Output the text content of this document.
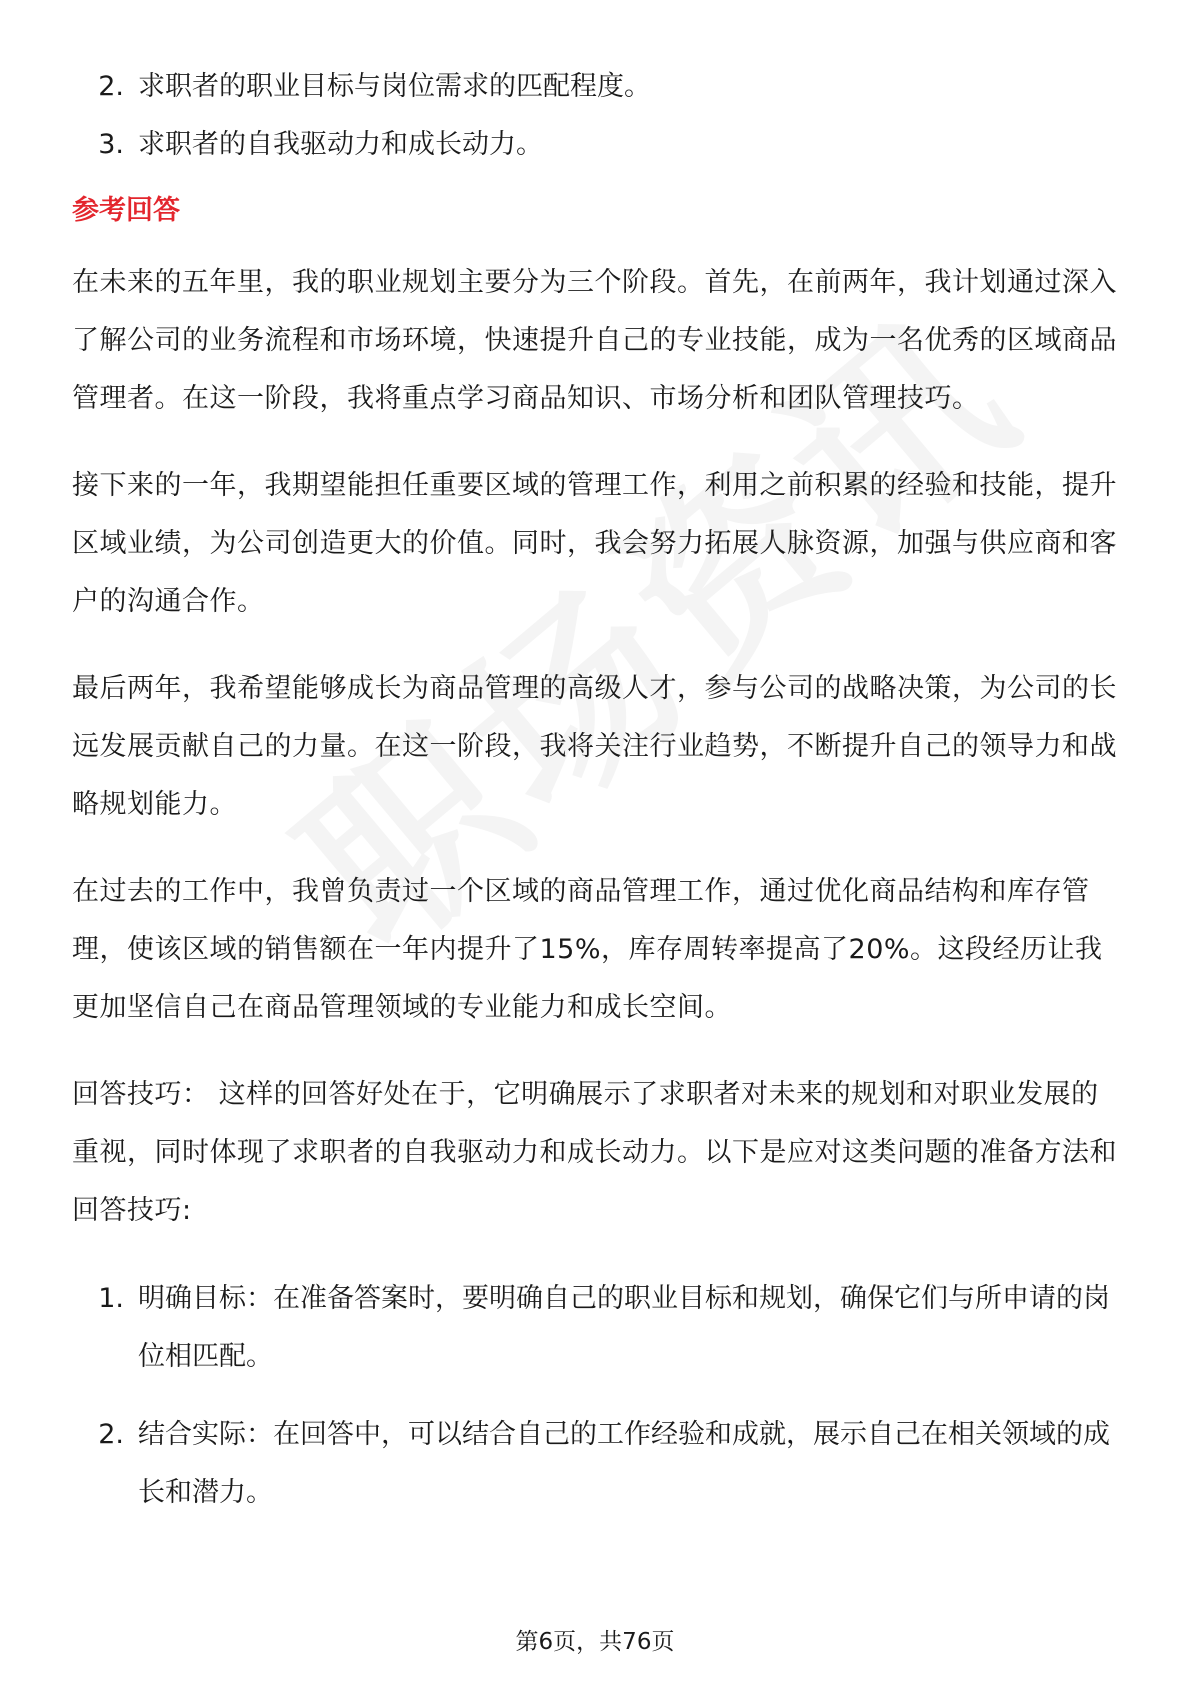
2. 求职者的职业目标与岗位需求的匹配程度。
3. 求职者的自我驱动力和成长动力。
参考回答
在未来的五年里，我的职业规划主要分为三个阶段。首先，在前两年，我计划通过深入了解公司的业务流程和市场环境，快速提升自己的专业技能，成为一名优秀的区域商品管理者。在这一阶段，我将重点学习商品知识、市场分析和团队管理技巧。
接下来的一年，我期望能担任重要区域的管理工作，利用之前积累的经验和技能，提升区域业绩，为公司创造更大的价值。同时，我会努力拓展人脉资源，加强与供应商和客户的沟通合作。
最后两年，我希望能够成长为商品管理的高级人才，参与公司的战略决策，为公司的长远发展贡献自己的力量。在这一阶段，我将关注行业趋势，不断提升自己的领导力和战略规划能力。
在过去的工作中，我曾负责过一个区域的商品管理工作，通过优化商品结构和库存管理，使该区域的销售额在一年内提升了15%，库存周转率提高了20%。这段经历让我更加坚信自己在商品管理领域的专业能力和成长空间。
回答技巧： 这样的回答好处在于，它明确展示了求职者对未来的规划和对职业发展的重视，同时体现了求职者的自我驱动力和成长动力。以下是应对这类问题的准备方法和回答技巧:
1. 明确目标：在准备答案时，要明确自己的职业目标和规划，确保它们与所申请的岗位相匹配。
2. 结合实际：在回答中，可以结合自己的工作经验和成就，展示自己在相关领域的成长和潜力。
第6页，共76页
